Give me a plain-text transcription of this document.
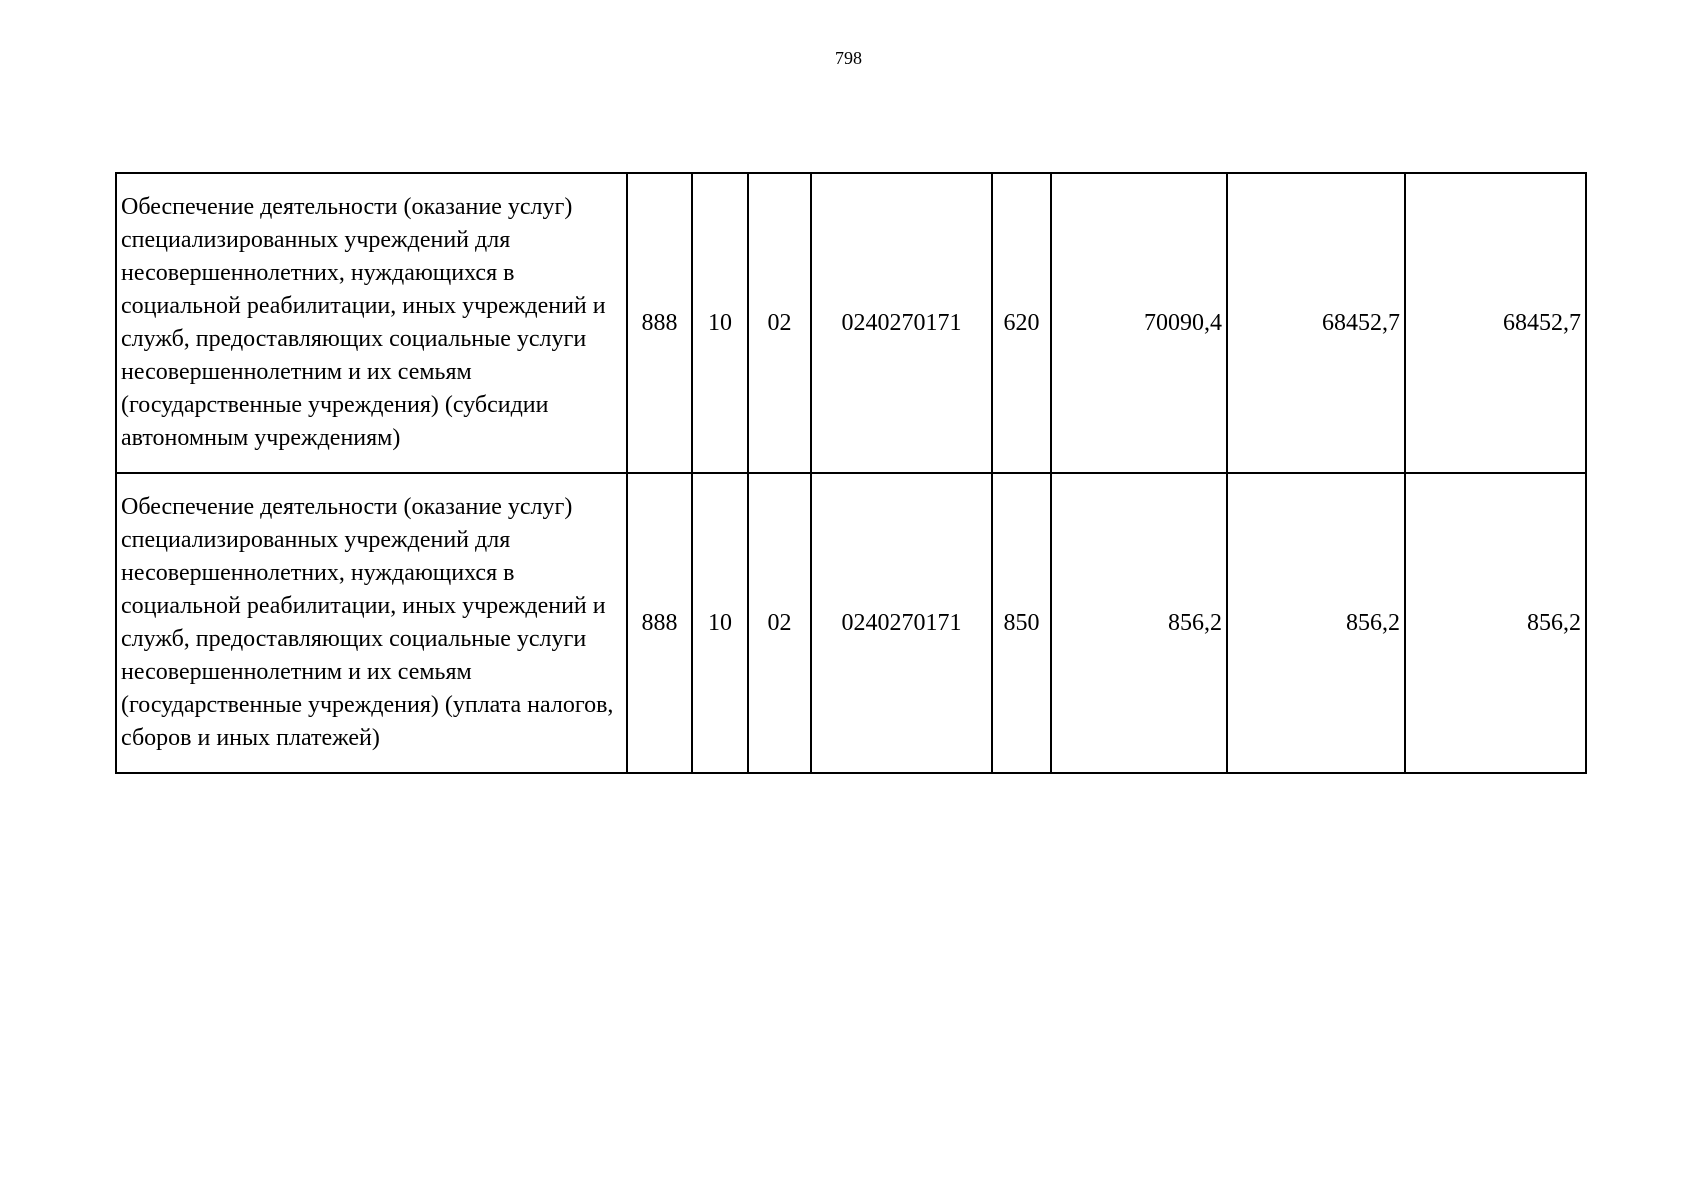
798
Обеспечение деятельности (оказание услуг) специализированных учреждений для несовершеннолетних, нуждающихся в социальной реабилитации, иных учреждений и служб, предоставляющих социальные услуги несовершеннолетним и их семьям (государственные учреждения) (субсидии автономным учреждениям)	888	10	02	0240270171	620	70090,4	68452,7	68452,7
Обеспечение деятельности (оказание услуг) специализированных учреждений для несовершеннолетних, нуждающихся в социальной реабилитации, иных учреждений и служб, предоставляющих социальные услуги несовершеннолетним и их семьям (государственные учреждения) (уплата налогов, сборов и иных платежей)	888	10	02	0240270171	850	856,2	856,2	856,2
